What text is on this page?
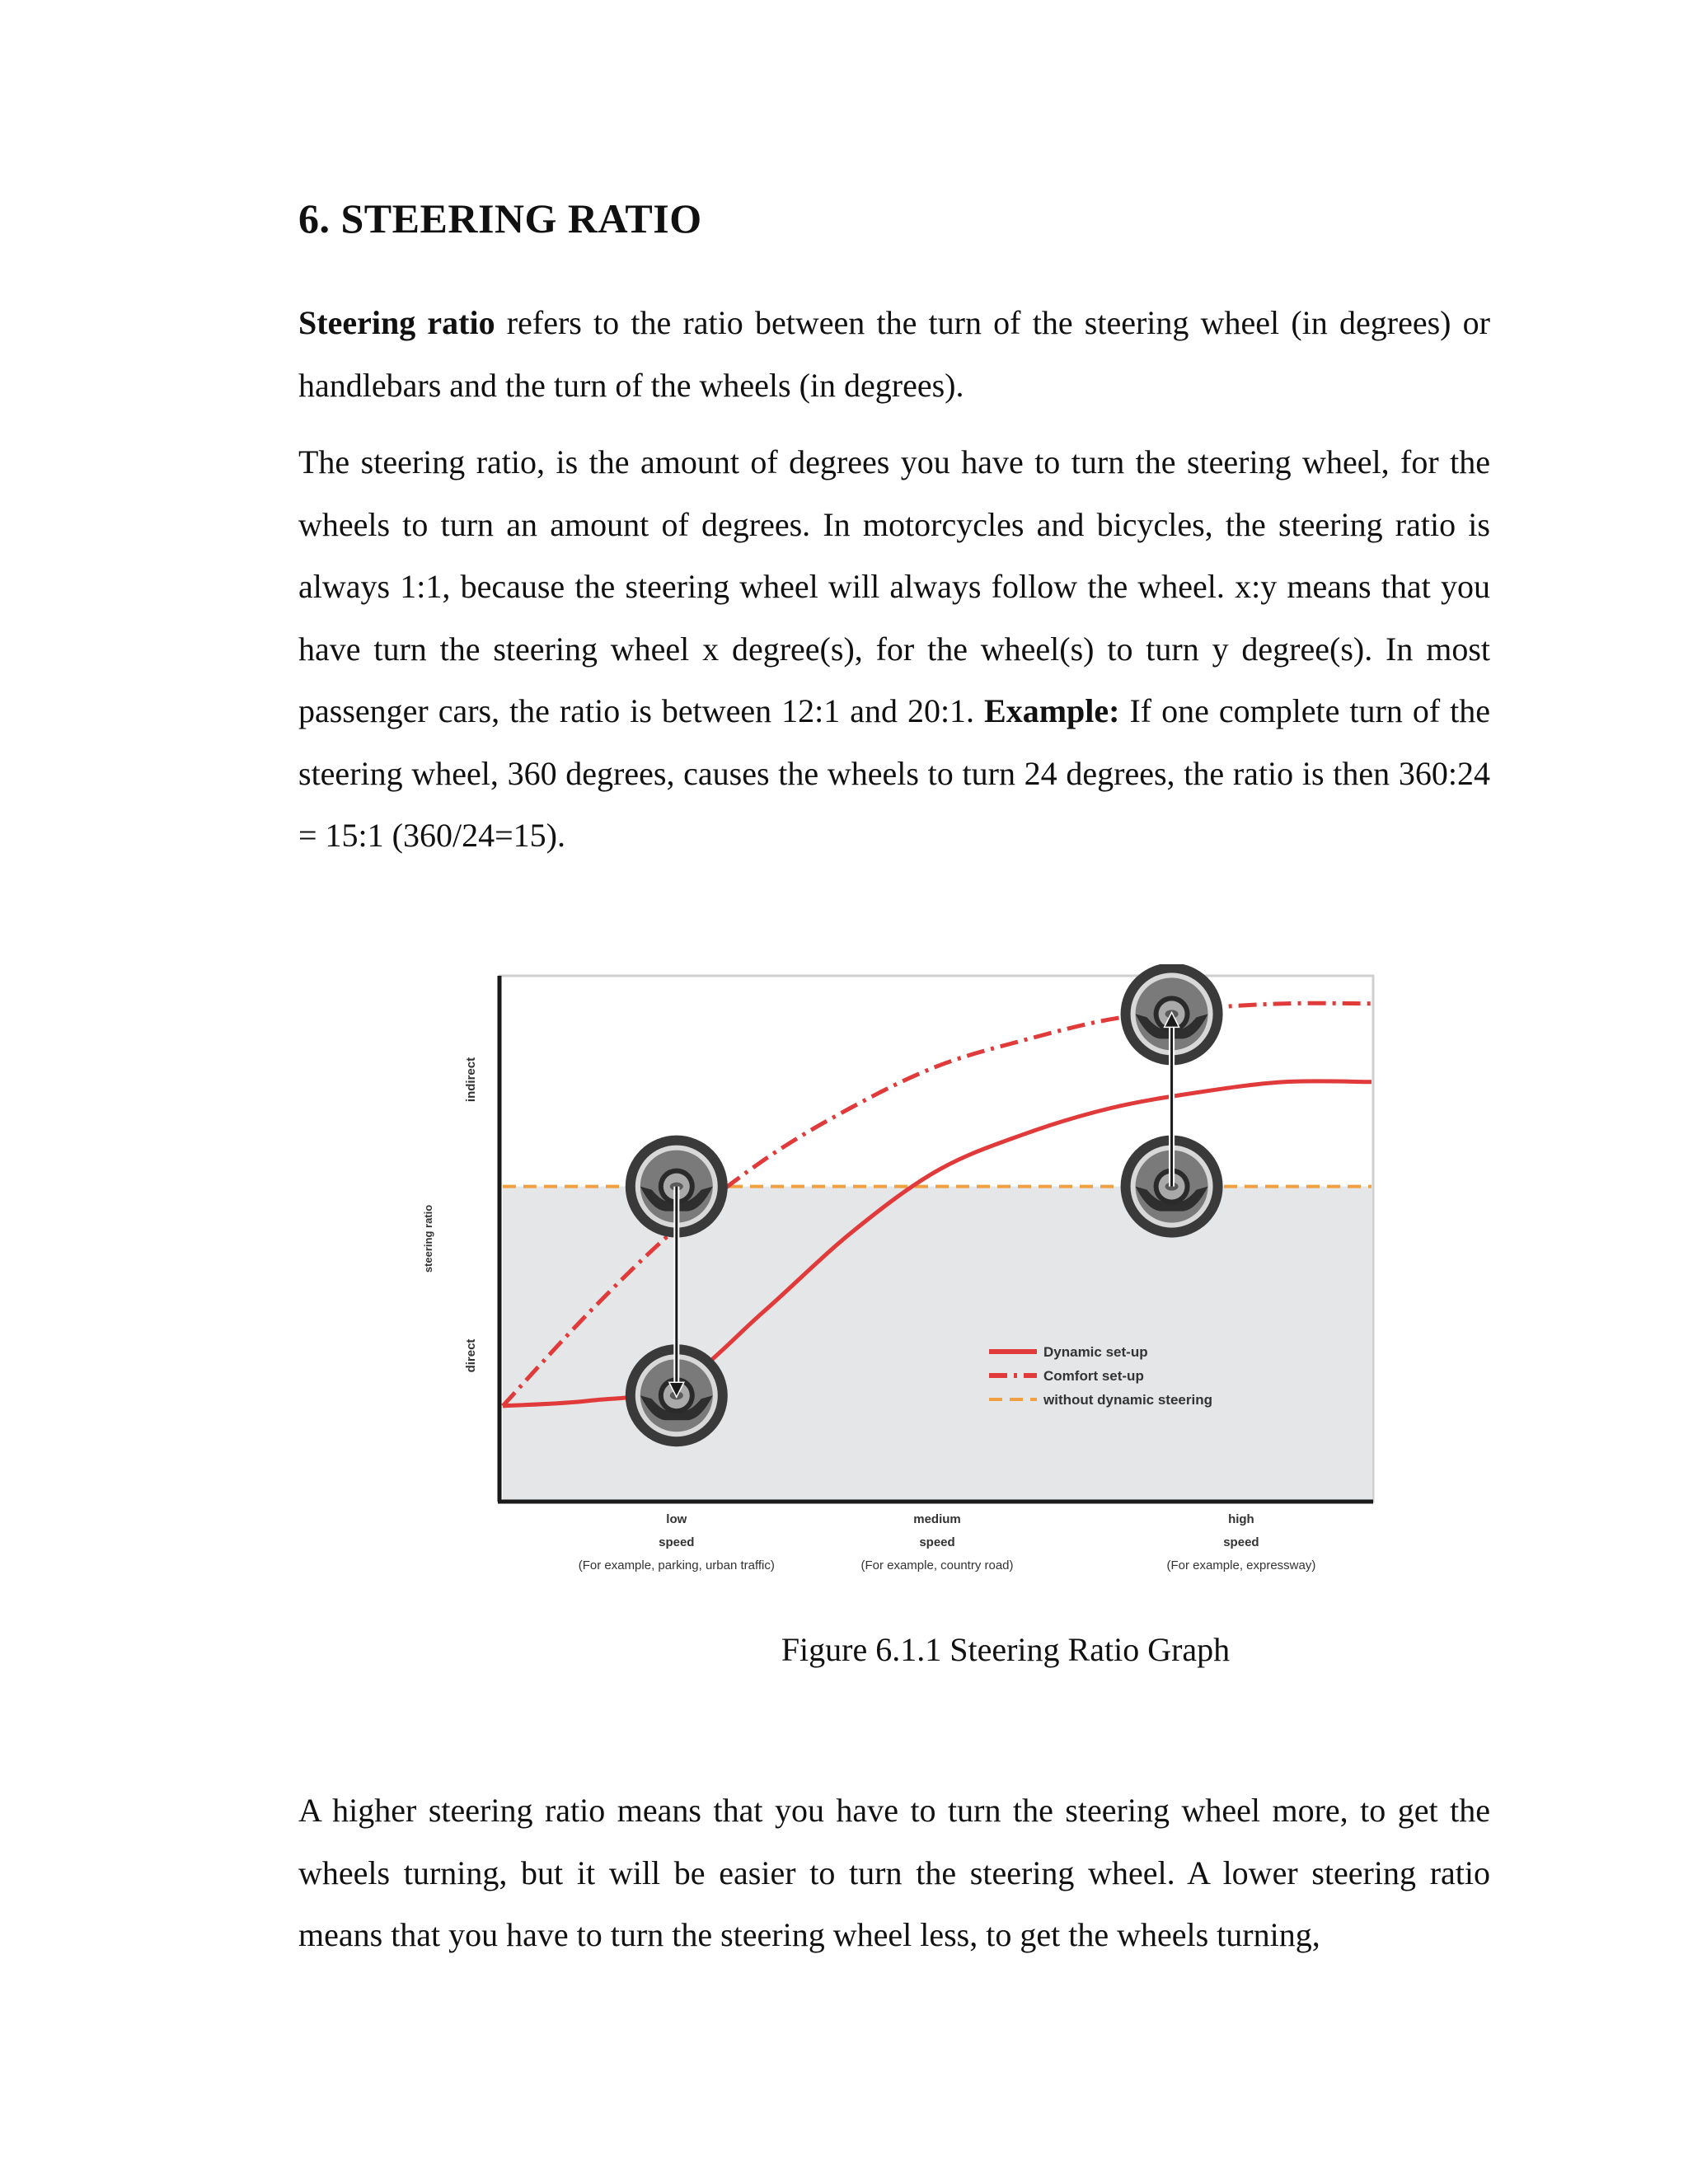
6. STEERING RATIO

Steering ratio refers to the ratio between the turn of the steering wheel (in degrees) or handlebars and the turn of the wheels (in degrees).

The steering ratio, is the amount of degrees you have to turn the steering wheel, for the wheels to turn an amount of degrees. In motorcycles and bicycles, the steering ratio is always 1:1, because the steering wheel will always follow the wheel. x:y means that you have turn the steering wheel x degree(s), for the wheel(s) to turn y degree(s). In most passenger cars, the ratio is between 12:1 and 20:1. Example: If one complete turn of the steering wheel, 360 degrees, causes the wheels to turn 24 degrees, the ratio is then 360:24 = 15:1 (360/24=15).

low
speed
(For example, parking, urban traffic)
medium
speed
(For example, country road)
high
speed
(For example, expressway)
steering ratio
indirect
direct	Dynamic set-up
Comfort set-up
without dynamic steering

Figure 6.1.1 Steering Ratio Graph

A higher steering ratio means that you have to turn the steering wheel more, to get the wheels turning, but it will be easier to turn the steering wheel. A lower steering ratio means that you have to turn the steering wheel less, to get the wheels turning,
